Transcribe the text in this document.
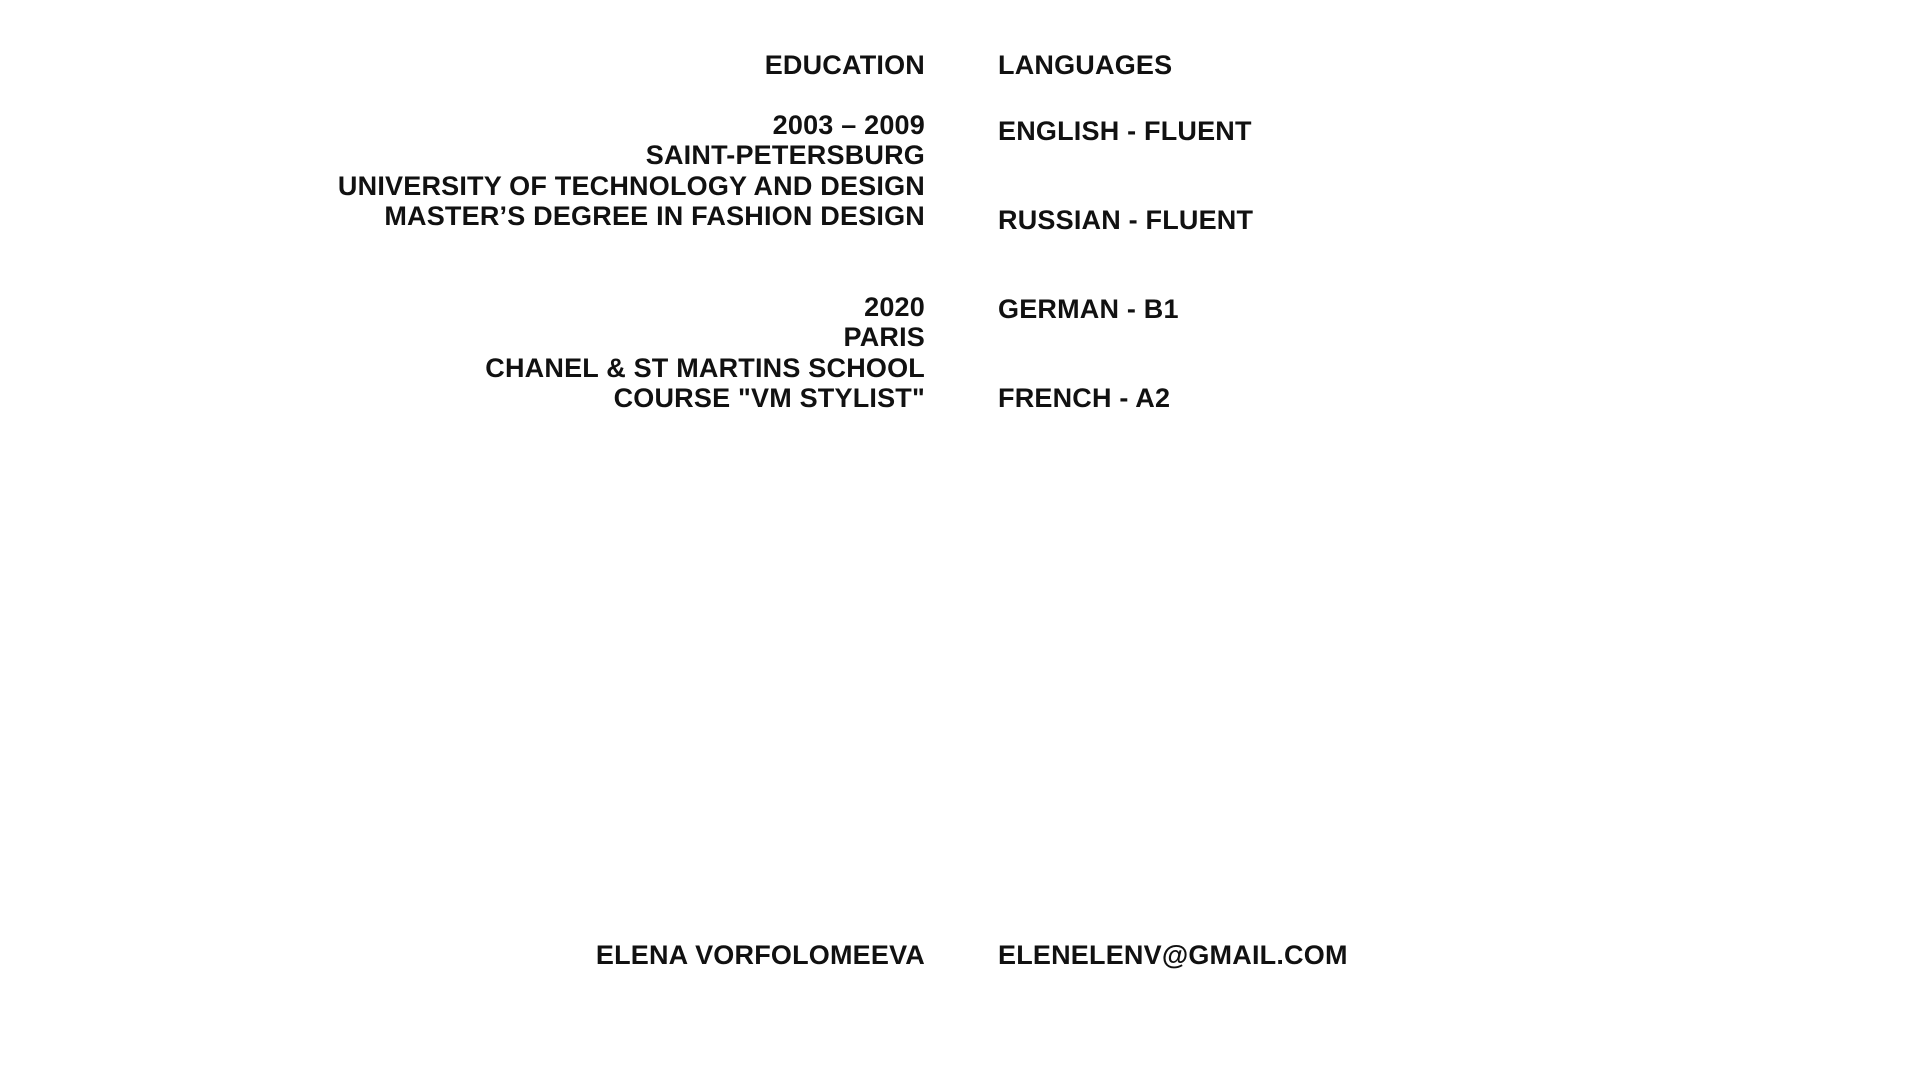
EDUCATION
2003 – 2009
SAINT-PETERSBURG
UNIVERSITY OF TECHNOLOGY AND DESIGN
MASTER’S DEGREE IN FASHION DESIGN
2020
PARIS
CHANEL & ST MARTINS SCHOOL
COURSE "VM STYLIST"
LANGUAGES
ENGLISH - FLUENT
RUSSIAN - FLUENT
GERMAN - B1
FRENCH - A2
ELENA VORFOLOMEEVA	ELENELENV@GMAIL.COM
